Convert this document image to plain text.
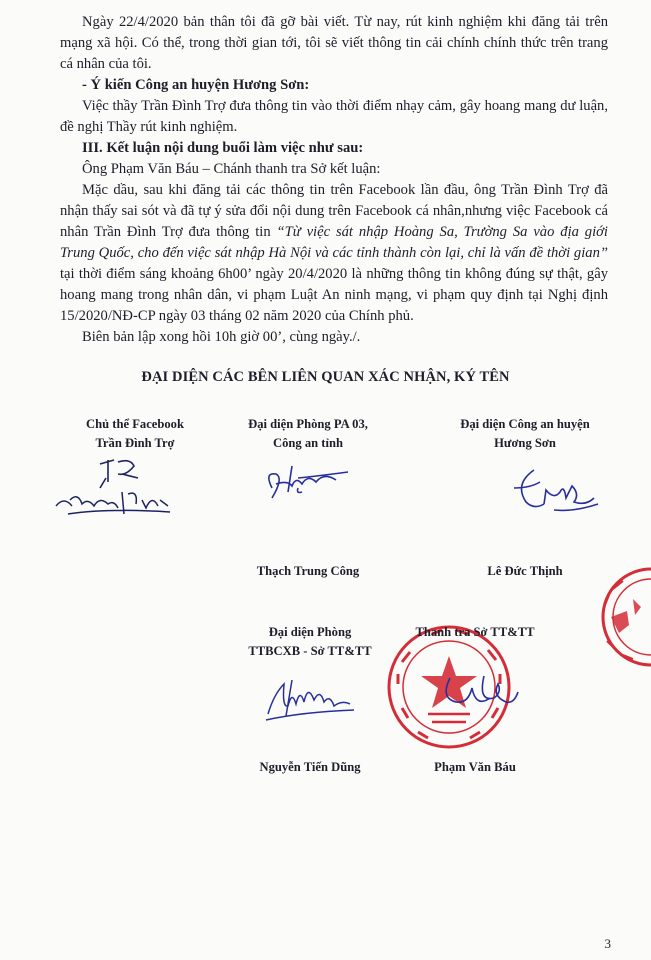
Ngày 22/4/2020 bản thân tôi đã gỡ bài viết. Từ nay, rút kinh nghiệm khi đăng tải trên mạng xã hội. Có thể, trong thời gian tới, tôi sẽ viết thông tin cải chính chính thức trên trang cá nhân của tôi.

- Ý kiến Công an huyện Hương Sơn:

Việc thầy Trần Đình Trợ đưa thông tin vào thời điểm nhạy cảm, gây hoang mang dư luận, đề nghị Thầy rút kinh nghiệm.

III. Kết luận nội dung buổi làm việc như sau:

Ông Phạm Văn Báu – Chánh thanh tra Sở kết luận:

Mặc dầu, sau khi đăng tải các thông tin trên Facebook lần đầu, ông Trần Đình Trợ đã nhận thấy sai sót và đã tự ý sửa đổi nội dung trên Facebook cá nhân,nhưng việc Facebook cá nhân Trần Đình Trợ đưa thông tin “Từ việc sát nhập Hoàng Sa, Trường Sa vào địa giới Trung Quốc, cho đến việc sát nhập Hà Nội và các tỉnh thành còn lại, chỉ là vấn đề thời gian” tại thời điểm sáng khoảng 6h00’ ngày 20/4/2020 là những thông tin không đúng sự thật, gây hoang mang trong nhân dân, vi phạm Luật An ninh mạng, vi phạm quy định tại Nghị định 15/2020/NĐ-CP ngày 03 tháng 02 năm 2020 của Chính phủ.

Biên bản lập xong hồi 10h giờ 00’, cùng ngày./.

ĐẠI DIỆN CÁC BÊN LIÊN QUAN XÁC NHẬN, KÝ TÊN
Chủ thể Facebook
Trần Đình Trợ
Đại diện Phòng PA 03,
Công an tỉnh
Thạch Trung Công
Đại diện Công an huyện
Hương Sơn
Lê Đức Thịnh
Đại diện Phòng
TTBCXB - Sở TT&TT
Nguyễn Tiến Dũng
Thanh tra Sở TT&TT
Phạm Văn Báu
3
